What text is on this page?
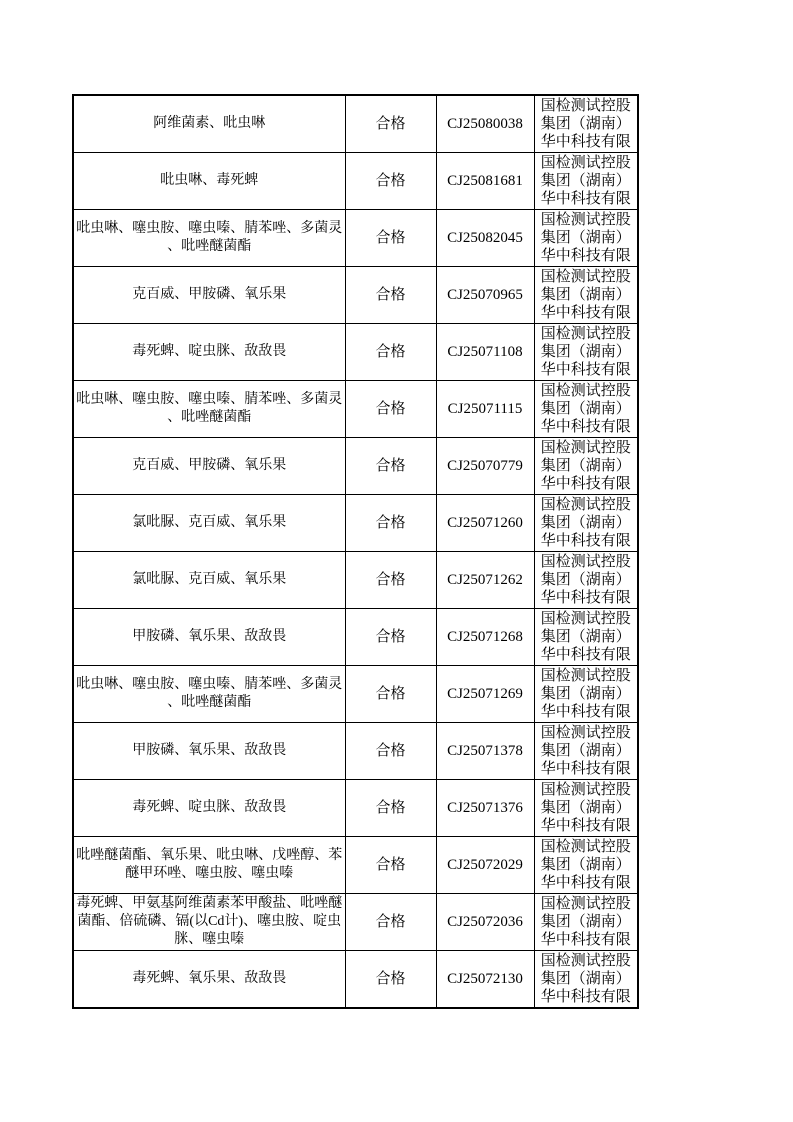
阿维菌素、吡虫啉	合格	CJ25080038	国检测试控股集团（湖南）华中科技有限
吡虫啉、毒死蜱	合格	CJ25081681	国检测试控股集团（湖南）华中科技有限
吡虫啉、噻虫胺、噻虫嗪、腈苯唑、多菌灵、吡唑醚菌酯	合格	CJ25082045	国检测试控股集团（湖南）华中科技有限
克百威、甲胺磷、氧乐果	合格	CJ25070965	国检测试控股集团（湖南）华中科技有限
毒死蜱、啶虫脒、敌敌畏	合格	CJ25071108	国检测试控股集团（湖南）华中科技有限
吡虫啉、噻虫胺、噻虫嗪、腈苯唑、多菌灵、吡唑醚菌酯	合格	CJ25071115	国检测试控股集团（湖南）华中科技有限
克百威、甲胺磷、氧乐果	合格	CJ25070779	国检测试控股集团（湖南）华中科技有限
氯吡脲、克百威、氧乐果	合格	CJ25071260	国检测试控股集团（湖南）华中科技有限
氯吡脲、克百威、氧乐果	合格	CJ25071262	国检测试控股集团（湖南）华中科技有限
甲胺磷、氧乐果、敌敌畏	合格	CJ25071268	国检测试控股集团（湖南）华中科技有限
吡虫啉、噻虫胺、噻虫嗪、腈苯唑、多菌灵、吡唑醚菌酯	合格	CJ25071269	国检测试控股集团（湖南）华中科技有限
甲胺磷、氧乐果、敌敌畏	合格	CJ25071378	国检测试控股集团（湖南）华中科技有限
毒死蜱、啶虫脒、敌敌畏	合格	CJ25071376	国检测试控股集团（湖南）华中科技有限
吡唑醚菌酯、氧乐果、吡虫啉、戊唑醇、苯醚甲环唑、噻虫胺、噻虫嗪	合格	CJ25072029	国检测试控股集团（湖南）华中科技有限
毒死蜱、甲氨基阿维菌素苯甲酸盐、吡唑醚菌酯、倍硫磷、镉(以Cd计)、噻虫胺、啶虫脒、噻虫嗪	合格	CJ25072036	国检测试控股集团（湖南）华中科技有限
毒死蜱、氧乐果、敌敌畏	合格	CJ25072130	国检测试控股集团（湖南）华中科技有限
